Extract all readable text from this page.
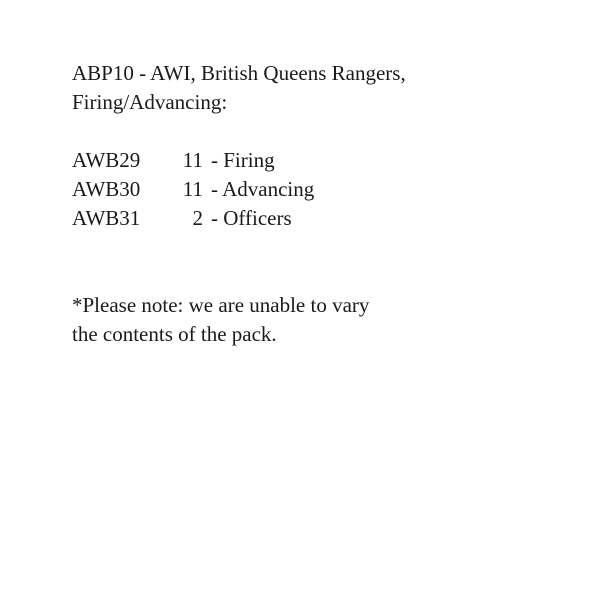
ABP10 - AWI, British Queens Rangers,
Firing/Advancing:
AWB29	11 - Firing
AWB30	11 - Advancing
AWB31	2 - Officers
*Please note: we are unable to vary
the contents of the pack.
